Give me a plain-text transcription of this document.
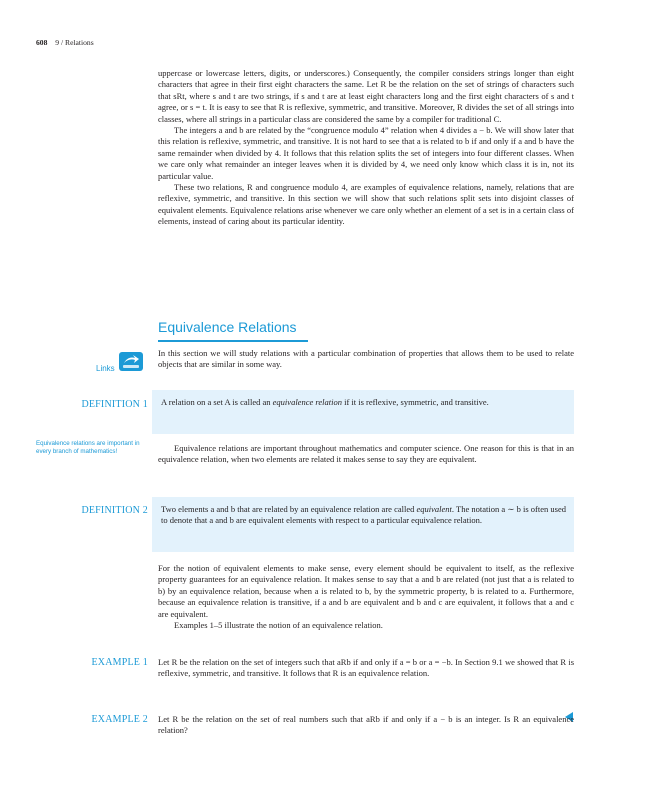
608 9 / Relations

uppercase or lowercase letters, digits, or underscores.) Consequently, the compiler considers strings longer than eight characters that agree in their first eight characters the same. Let R be the relation on the set of strings of characters such that sRt, where s and t are two strings, if s and t are at least eight characters long and the first eight characters of s and t agree, or s = t. It is easy to see that R is reflexive, symmetric, and transitive. Moreover, R divides the set of all strings into classes, where all strings in a particular class are considered the same by a compiler for traditional C.

The integers a and b are related by the “congruence modulo 4” relation when 4 divides a − b. We will show later that this relation is reflexive, symmetric, and transitive. It is not hard to see that a is related to b if and only if a and b have the same remainder when divided by 4. It follows that this relation splits the set of integers into four different classes. When we care only what remainder an integer leaves when it is divided by 4, we need only know which class it is in, not its particular value.

These two relations, R and congruence modulo 4, are examples of equivalence relations, namely, relations that are reflexive, symmetric, and transitive. In this section we will show that such relations split sets into disjoint classes of equivalent elements. Equivalence relations arise whenever we care only whether an element of a set is in a certain class of elements, instead of caring about its particular identity.

Equivalence Relations
Links

In this section we will study relations with a particular combination of properties that allows them to be used to relate objects that are similar in some way.

DEFINITION 1	A relation on a set A is called an equivalence relation if it is reflexive, symmetric, and transitive.
Equivalence relations are important in every branch of mathematics!	Equivalence relations are important throughout mathematics and computer science. One reason for this is that in an equivalence relation, when two elements are related it makes sense to say they are equivalent.

DEFINITION 2	Two elements a and b that are related by an equivalence relation are called equivalent. The notation a ∼ b is often used to denote that a and b are equivalent elements with respect to a particular equivalence relation.

For the notion of equivalent elements to make sense, every element should be equivalent to itself, as the reflexive property guarantees for an equivalence relation. It makes sense to say that a and b are related (not just that a is related to b) by an equivalence relation, because when a is related to b, by the symmetric property, b is related to a. Furthermore, because an equivalence relation is transitive, if a and b are equivalent and b and c are equivalent, it follows that a and c are equivalent.

Examples 1–5 illustrate the notion of an equivalence relation.

EXAMPLE 1 Let R be the relation on the set of integers such that aRb if and only if a = b or a = −b. In Section 9.1 we showed that R is reflexive, symmetric, and transitive. It follows that R is an equivalence relation.

EXAMPLE 2 Let R be the relation on the set of real numbers such that aRb if and only if a − b is an integer. Is R an equivalence relation?
